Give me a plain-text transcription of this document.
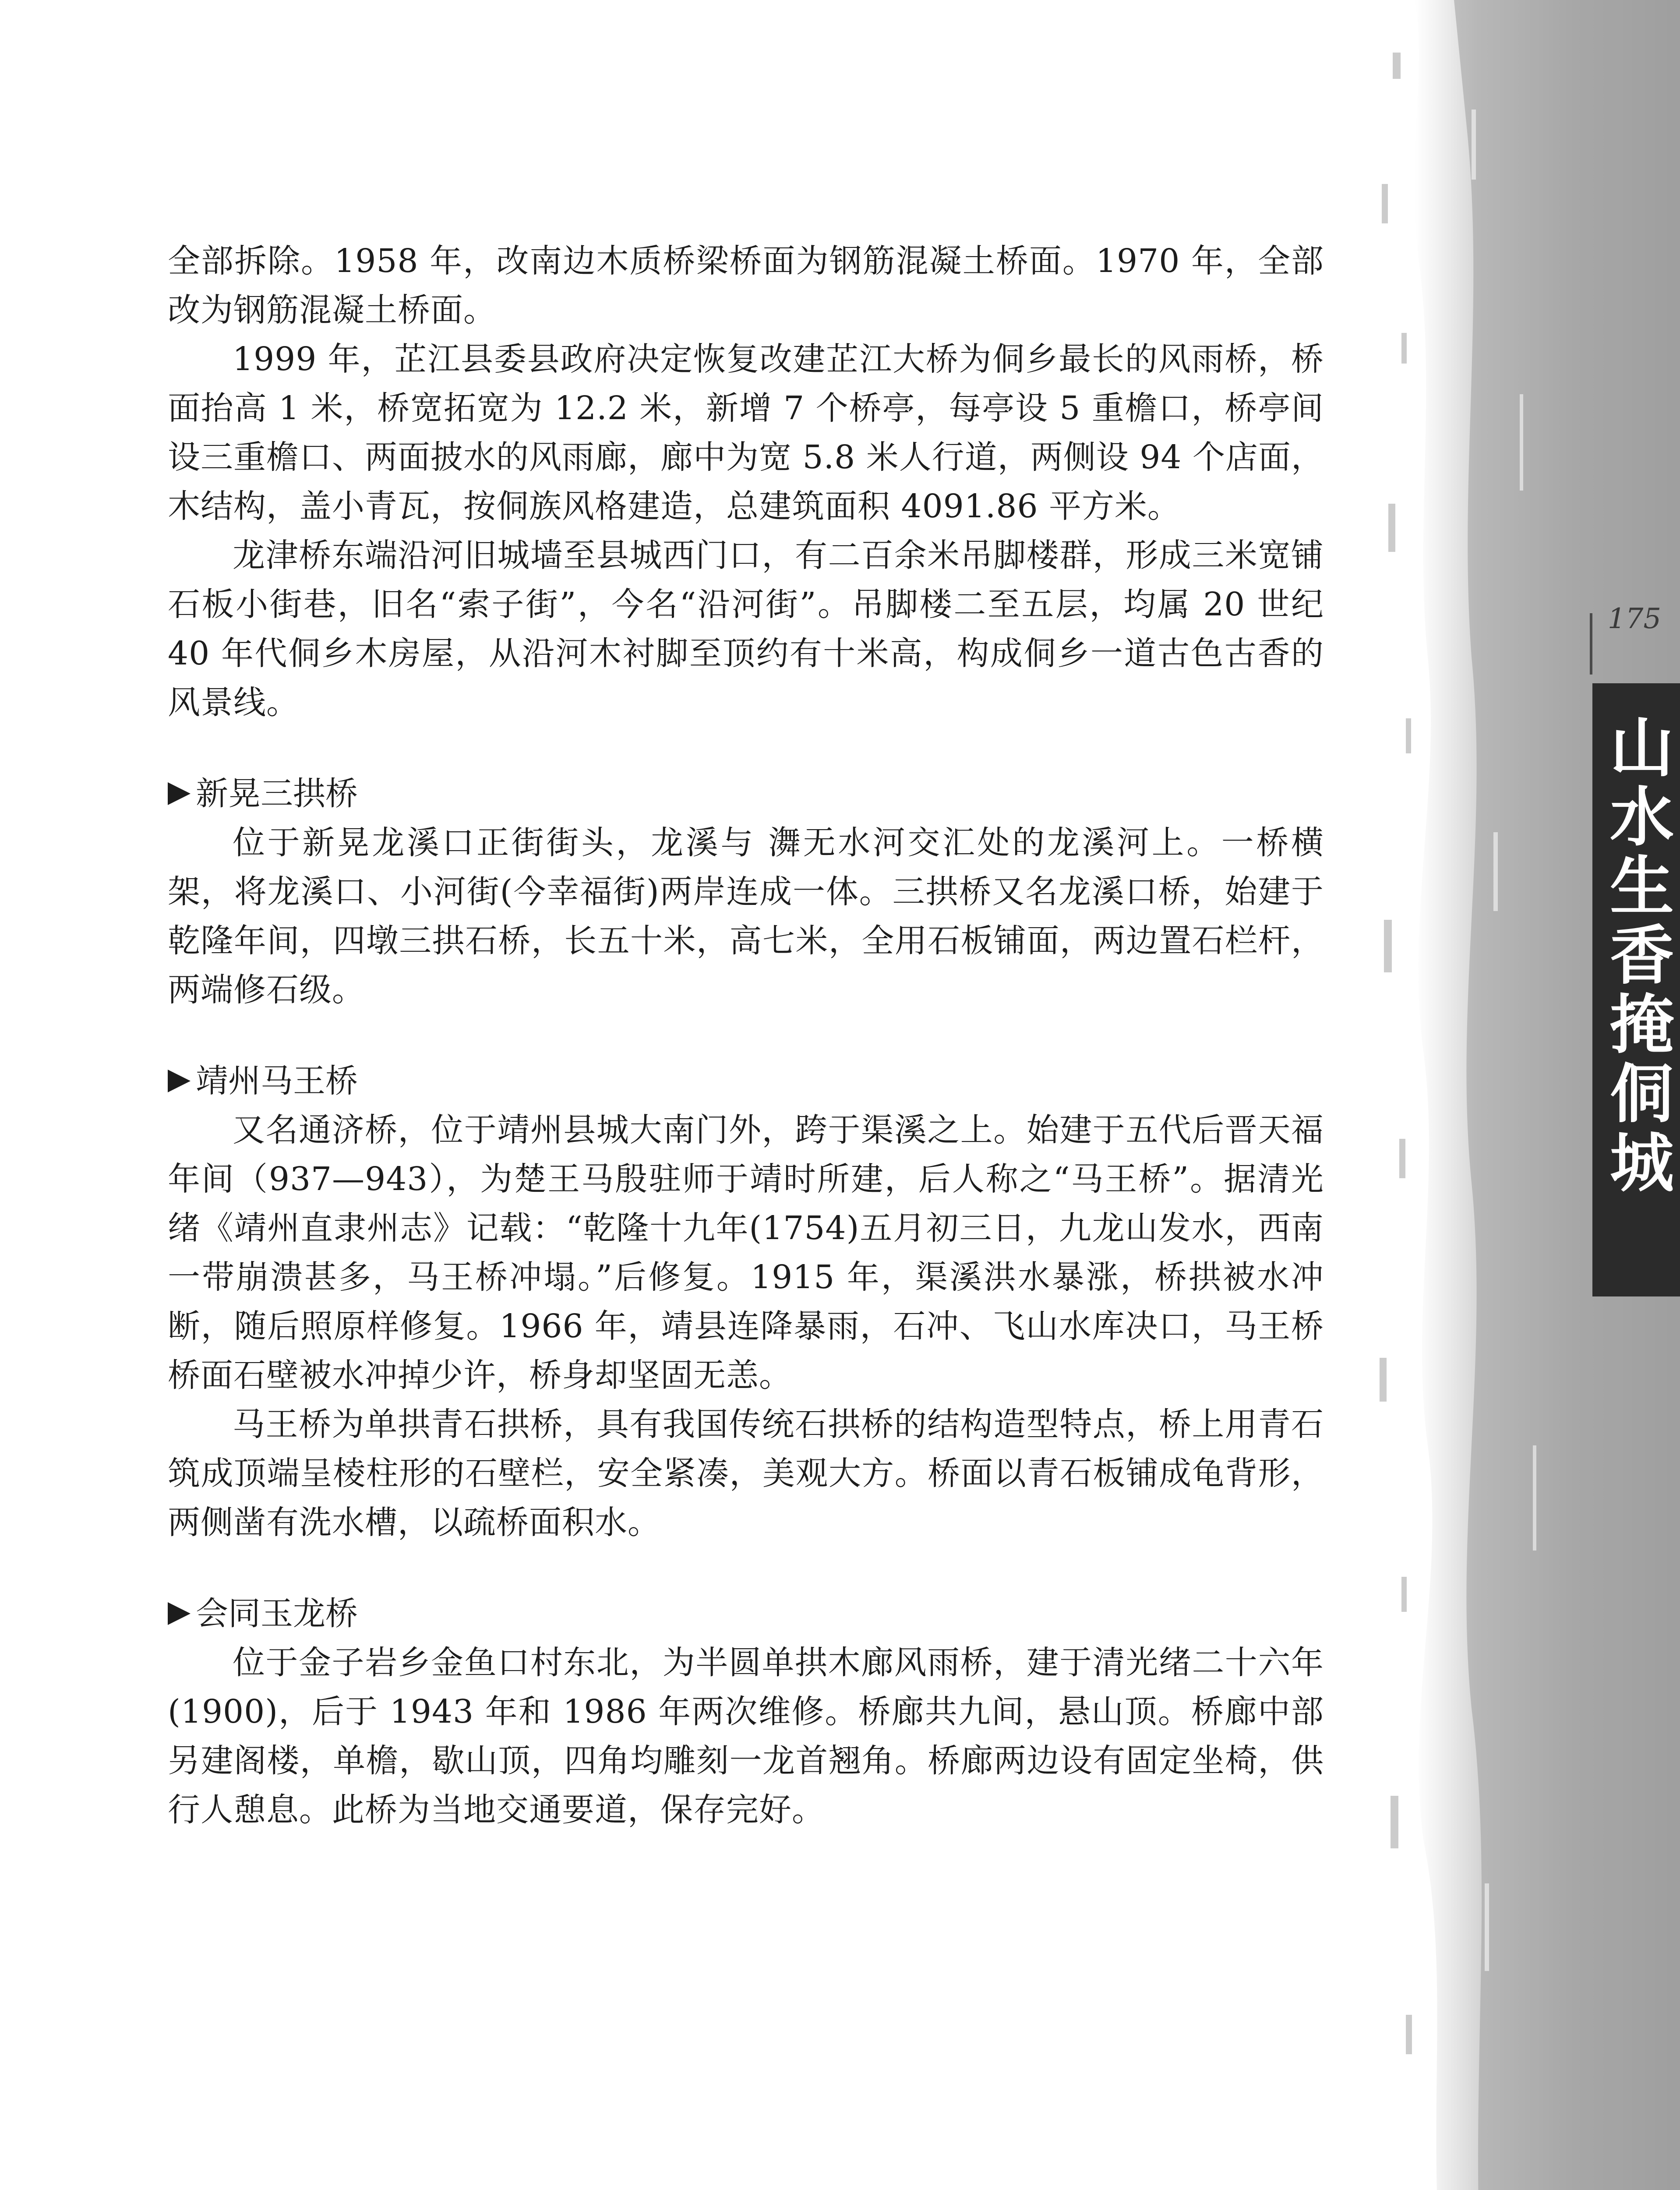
175
山水生香掩侗城

全部拆除。1958 年，改南边木质桥梁桥面为钢筋混凝土桥面。1970 年，全部改为钢筋混凝土桥面。

1999 年，芷江县委县政府决定恢复改建芷江大桥为侗乡最长的风雨桥，桥面抬高 1 米，桥宽拓宽为 12.2 米，新增 7 个桥亭，每亭设 5 重檐口，桥亭间设三重檐口、两面披水的风雨廊，廊中为宽 5.8 米人行道，两侧设 94 个店面，木结构，盖小青瓦，按侗族风格建造，总建筑面积 4091.86 平方米。

龙津桥东端沿河旧城墙至县城西门口，有二百余米吊脚楼群，形成三米宽铺石板小街巷，旧名“索子街”，今名“沿河街”。吊脚楼二至五层，均属 20 世纪 40 年代侗乡木房屋，从沿河木衬脚至顶约有十米高，构成侗乡一道古色古香的风景线。

新晃三拱桥

位于新晃龙溪口正街街头，龙溪与 㵲无水河交汇处的龙溪河上。一桥横架，将龙溪口、小河街(今幸福街)两岸连成一体。三拱桥又名龙溪口桥，始建于乾隆年间，四墩三拱石桥，长五十米，高七米，全用石板铺面，两边置石栏杆，两端修石级。

靖州马王桥

又名通济桥，位于靖州县城大南门外，跨于渠溪之上。始建于五代后晋天福年间（937—943），为楚王马殷驻师于靖时所建，后人称之“马王桥”。据清光绪《靖州直隶州志》记载：“乾隆十九年(1754)五月初三日，九龙山发水，西南一带崩溃甚多，马王桥冲塌。”后修复。1915 年，渠溪洪水暴涨，桥拱被水冲断，随后照原样修复。1966 年，靖县连降暴雨，石冲、飞山水库决口，马王桥桥面石壁被水冲掉少许，桥身却坚固无恙。

马王桥为单拱青石拱桥，具有我国传统石拱桥的结构造型特点，桥上用青石筑成顶端呈棱柱形的石壁栏，安全紧凑，美观大方。桥面以青石板铺成龟背形，两侧凿有洗水槽，以疏桥面积水。

会同玉龙桥

位于金子岩乡金鱼口村东北，为半圆单拱木廊风雨桥，建于清光绪二十六年(1900)，后于 1943 年和 1986 年两次维修。桥廊共九间，悬山顶。桥廊中部另建阁楼，单檐，歇山顶，四角均雕刻一龙首翘角。桥廊两边设有固定坐椅，供行人憩息。此桥为当地交通要道，保存完好。
